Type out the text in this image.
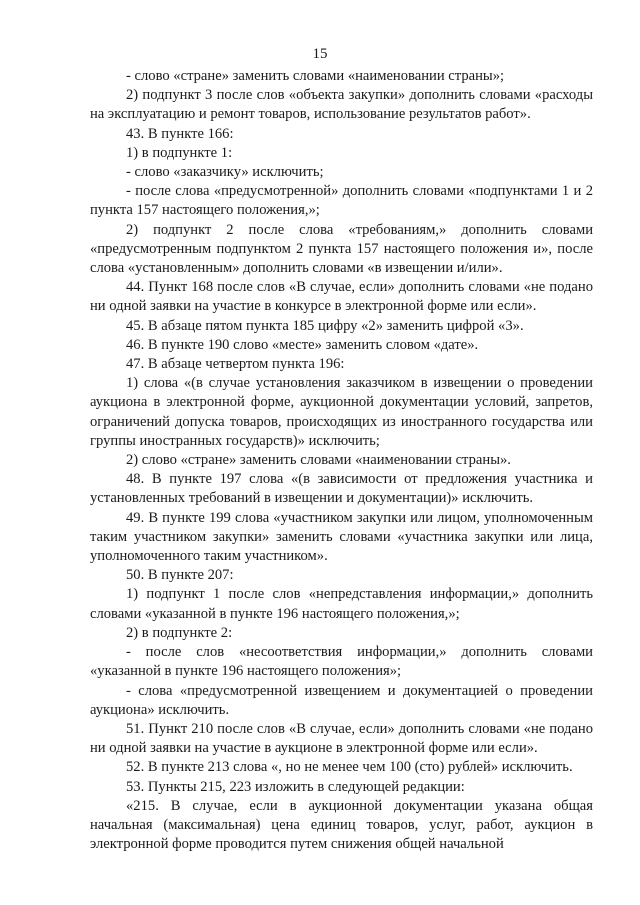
15

- слово «стране» заменить словами «наименовании страны»;

2) подпункт 3 после слов «объекта закупки» дополнить словами «расходы на эксплуатацию и ремонт товаров, использование результатов работ».

43. В пункте 166:

1) в подпункте 1:

- слово «заказчику» исключить;

- после слова «предусмотренной» дополнить словами «подпунктами 1 и 2 пункта 157 настоящего положения,»;

2) подпункт 2 после слова «требованиям,» дополнить словами «предусмотренным подпунктом 2 пункта 157 настоящего положения и», после слова «установленным» дополнить словами «в извещении и/или».

44. Пункт 168 после слов «В случае, если» дополнить словами «не подано ни одной заявки на участие в конкурсе в электронной форме или если».

45. В абзаце пятом пункта 185 цифру «2» заменить цифрой «3».

46. В пункте 190 слово «месте» заменить словом «дате».

47. В абзаце четвертом пункта 196:

1) слова «(в случае установления заказчиком в извещении о проведении аукциона в электронной форме, аукционной документации условий, запретов, ограничений допуска товаров, происходящих из иностранного государства или группы иностранных государств)» исключить;

2) слово «стране» заменить словами «наименовании страны».

48. В пункте 197 слова «(в зависимости от предложения участника и установленных требований в извещении и документации)» исключить.

49. В пункте 199 слова «участником закупки или лицом, уполномоченным таким участником закупки» заменить словами «участника закупки или лица, уполномоченного таким участником».

50. В пункте 207:

1) подпункт 1 после слов «непредставления информации,» дополнить словами «указанной в пункте 196 настоящего положения,»;

2) в подпункте 2:

- после слов «несоответствия информации,» дополнить словами «указанной в пункте 196 настоящего положения»;

- слова «предусмотренной извещением и документацией о проведении аукциона» исключить.

51. Пункт 210 после слов «В случае, если» дополнить словами «не подано ни одной заявки на участие в аукционе в электронной форме или если».

52. В пункте 213 слова «, но не менее чем 100 (сто) рублей» исключить.

53. Пункты 215, 223 изложить в следующей редакции:

«215. В случае, если в аукционной документации указана общая начальная (максимальная) цена единиц товаров, услуг, работ, аукцион в электронной форме проводится путем снижения общей начальной
